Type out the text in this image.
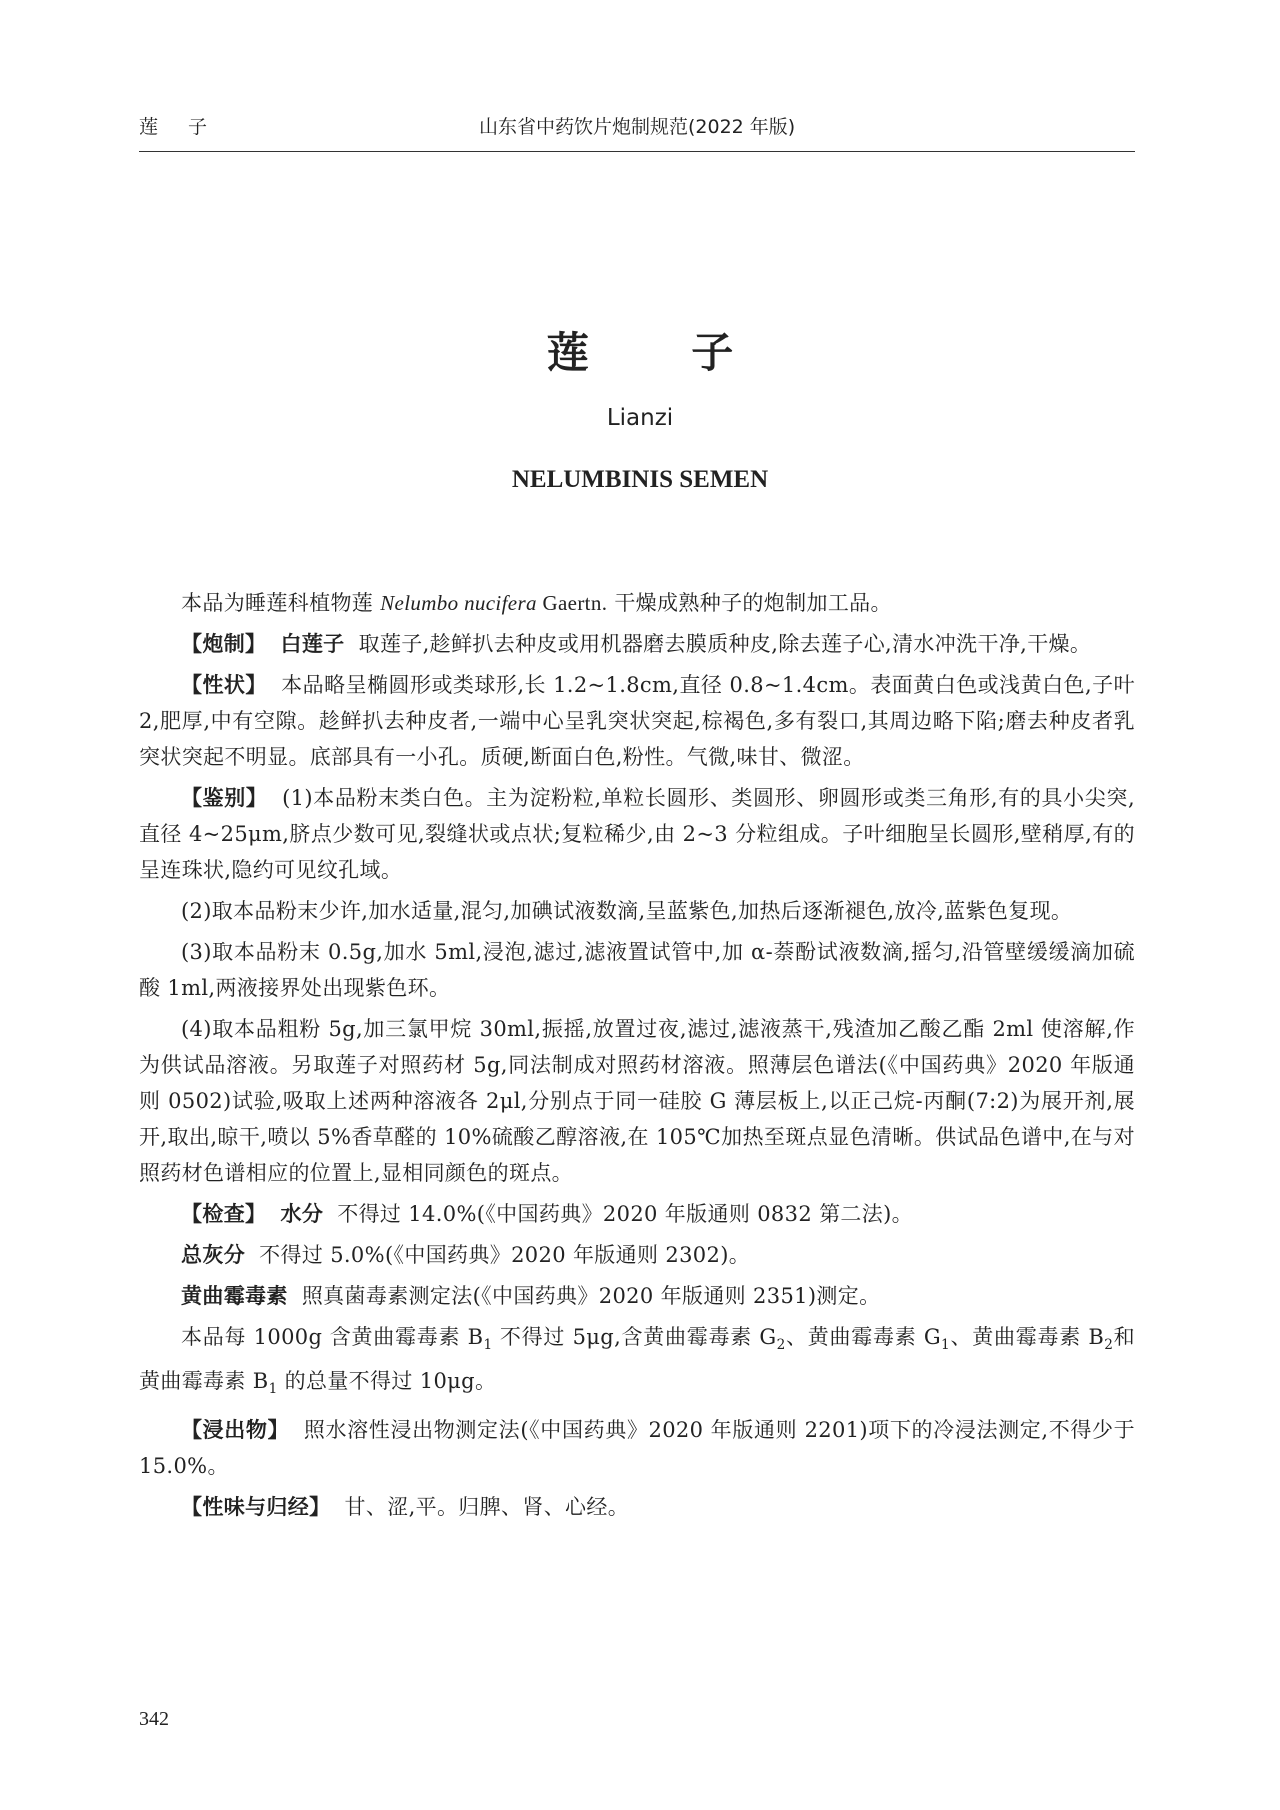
莲 子	山东省中药饮片炮制规范(2022 年版)
莲 子
Lianzi
NELUMBINIS SEMEN

本品为睡莲科植物莲 Nelumbo nucifera Gaertn. 干燥成熟种子的炮制加工品。

【炮制】 白莲子 取莲子,趁鲜扒去种皮或用机器磨去膜质种皮,除去莲子心,清水冲洗干净,干燥。

【性状】 本品略呈椭圆形或类球形,长 1.2~1.8cm,直径 0.8~1.4cm。表面黄白色或浅黄白色,子叶 2,肥厚,中有空隙。趁鲜扒去种皮者,一端中心呈乳突状突起,棕褐色,多有裂口,其周边略下陷;磨去种皮者乳突状突起不明显。底部具有一小孔。质硬,断面白色,粉性。气微,味甘、微涩。

【鉴别】 (1)本品粉末类白色。主为淀粉粒,单粒长圆形、类圆形、卵圆形或类三角形,有的具小尖突,直径 4~25μm,脐点少数可见,裂缝状或点状;复粒稀少,由 2~3 分粒组成。子叶细胞呈长圆形,壁稍厚,有的呈连珠状,隐约可见纹孔域。

(2)取本品粉末少许,加水适量,混匀,加碘试液数滴,呈蓝紫色,加热后逐渐褪色,放冷,蓝紫色复现。

(3)取本品粉末 0.5g,加水 5ml,浸泡,滤过,滤液置试管中,加 α-萘酚试液数滴,摇匀,沿管壁缓缓滴加硫酸 1ml,两液接界处出现紫色环。

(4)取本品粗粉 5g,加三氯甲烷 30ml,振摇,放置过夜,滤过,滤液蒸干,残渣加乙酸乙酯 2ml 使溶解,作为供试品溶液。另取莲子对照药材 5g,同法制成对照药材溶液。照薄层色谱法(《中国药典》2020 年版通则 0502)试验,吸取上述两种溶液各 2μl,分别点于同一硅胶 G 薄层板上,以正己烷-丙酮(7:2)为展开剂,展开,取出,晾干,喷以 5%香草醛的 10%硫酸乙醇溶液,在 105℃加热至斑点显色清晰。供试品色谱中,在与对照药材色谱相应的位置上,显相同颜色的斑点。

【检查】 水分 不得过 14.0%(《中国药典》2020 年版通则 0832 第二法)。

总灰分 不得过 5.0%(《中国药典》2020 年版通则 2302)。

黄曲霉毒素 照真菌毒素测定法(《中国药典》2020 年版通则 2351)测定。

本品每 1000g 含黄曲霉毒素 $B_1$ 不得过 5μg,含黄曲霉毒素 $G_2$、黄曲霉毒素 $G_1$、黄曲霉毒素 $B_2$和黄曲霉毒素 $B_1$ 的总量不得过 10μg。

【浸出物】 照水溶性浸出物测定法(《中国药典》2020 年版通则 2201)项下的冷浸法测定,不得少于 15.0%。

【性味与归经】 甘、涩,平。归脾、肾、心经。

342
